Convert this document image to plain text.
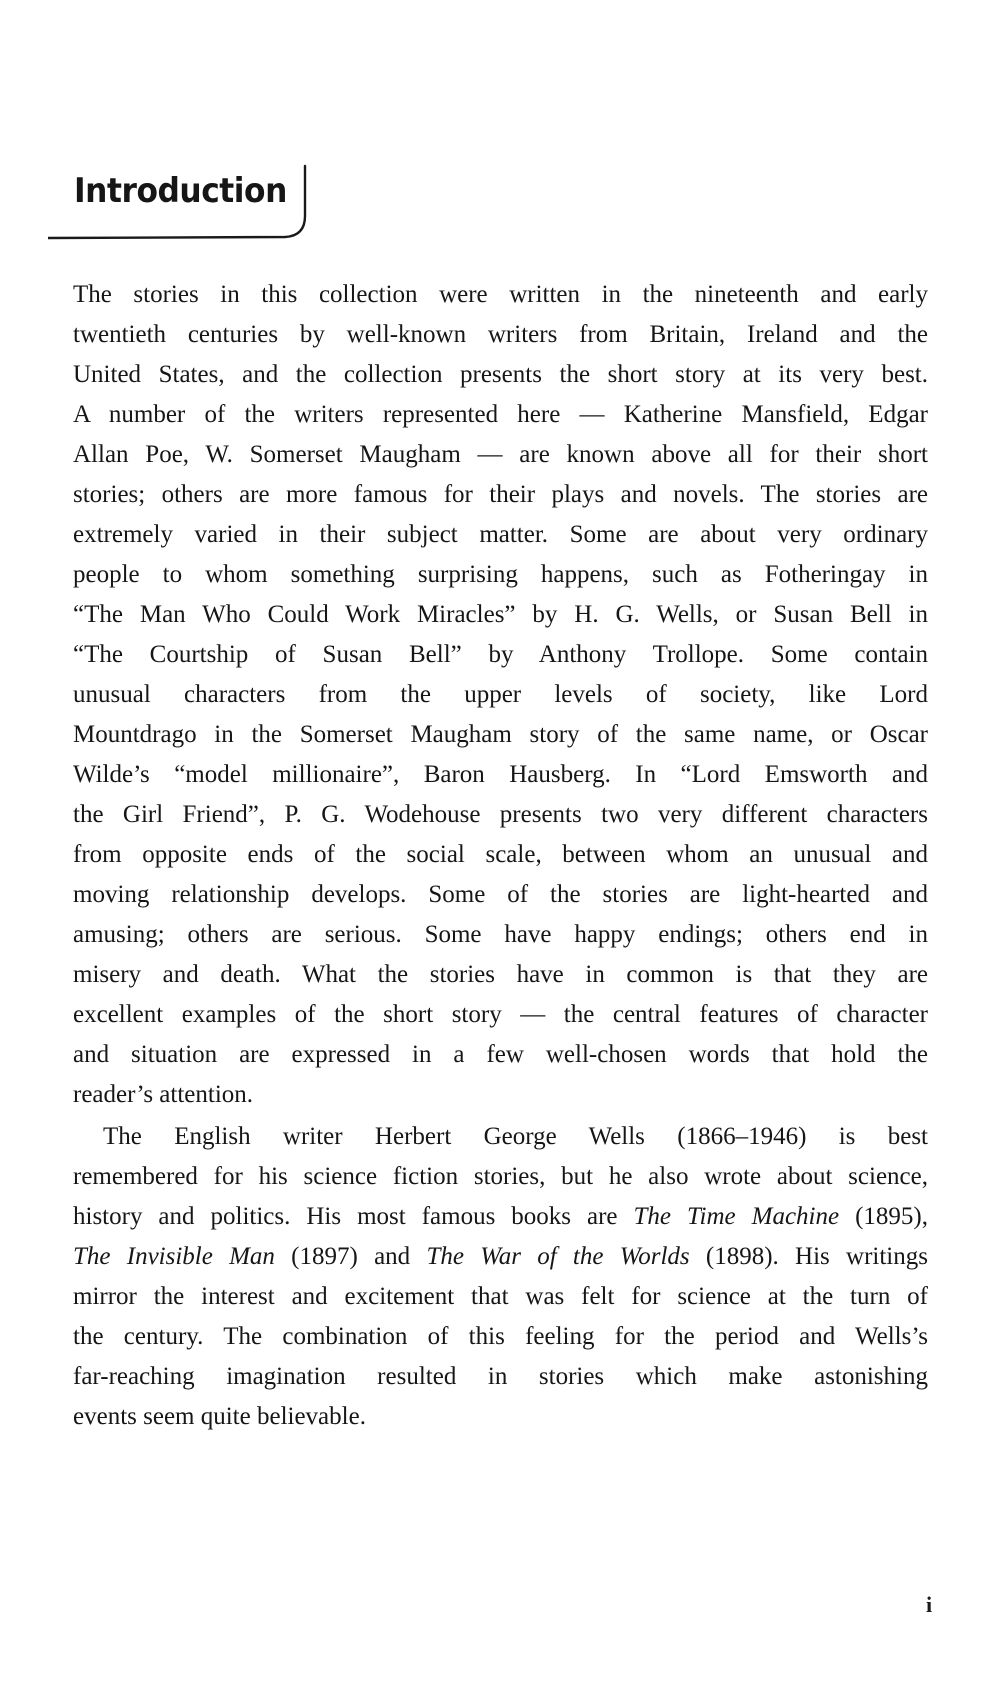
Introduction

The stories in this collection were written in the nineteenth and early
twentieth centuries by well-known writers from Britain, Ireland and the
United States, and the collection presents the short story at its very best.
A number of the writers represented here — Katherine Mansfield, Edgar
Allan Poe, W. Somerset Maugham — are known above all for their short
stories; others are more famous for their plays and novels. The stories are
extremely varied in their subject matter. Some are about very ordinary
people to whom something surprising happens, such as Fotheringay in
“The Man Who Could Work Miracles” by H. G. Wells, or Susan Bell in
“The Courtship of Susan Bell” by Anthony Trollope. Some contain
unusual characters from the upper levels of society, like Lord
Mountdrago in the Somerset Maugham story of the same name, or Oscar
Wilde’s “model millionaire”, Baron Hausberg. In “Lord Emsworth and
the Girl Friend”, P. G. Wodehouse presents two very different characters
from opposite ends of the social scale, between whom an unusual and
moving relationship develops. Some of the stories are light-hearted and
amusing; others are serious. Some have happy endings; others end in
misery and death. What the stories have in common is that they are
excellent examples of the short story — the central features of character
and situation are expressed in a few well-chosen words that hold the
reader’s attention.

The English writer Herbert George Wells (1866–1946) is best
remembered for his science fiction stories, but he also wrote about science,
history and politics. His most famous books are The Time Machine (1895),
The Invisible Man (1897) and The War of the Worlds (1898). His writings
mirror the interest and excitement that was felt for science at the turn of
the century. The combination of this feeling for the period and Wells’s
far-reaching imagination resulted in stories which make astonishing
events seem quite believable.

i
